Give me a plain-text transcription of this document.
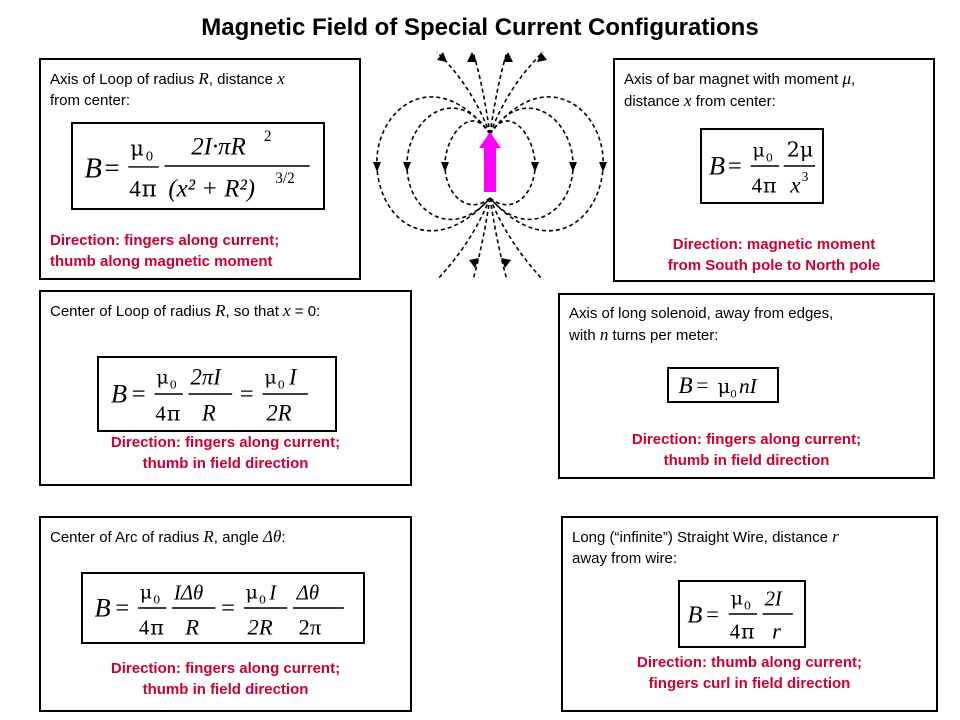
Magnetic Field of Special Current Configurations
Axis of Loop of radius R, distance x
from center:
B =
μ 0
4 π
2I·πR 2
(x² + R²) 3/2
Direction: fingers along current;
thumb along magnetic moment
Axis of bar magnet with moment μ,
distance x from center:
B =
μ 0
4 π
2μ
x 3
Direction: magnetic moment
from South pole to North pole
Center of Loop of radius R, so that x = 0:
B =
μ 0
4 π
2πI
R
=
μ 0 I
2R
Direction: fingers along current;
thumb in field direction
Axis of long solenoid, away from edges,
with n turns per meter:
B = μ 0 nI
Direction: fingers along current;
thumb in field direction
Center of Arc of radius R, angle Δθ:
B =
μ 0
4 π
IΔθ
R
=
μ 0 I
2R
Δθ
2π
Direction: fingers along current;
thumb in field direction
Long (“infinite”) Straight Wire, distance r
away from wire:
B =
μ 0
4 π
2I
r
Direction: thumb along current;
fingers curl in field direction
